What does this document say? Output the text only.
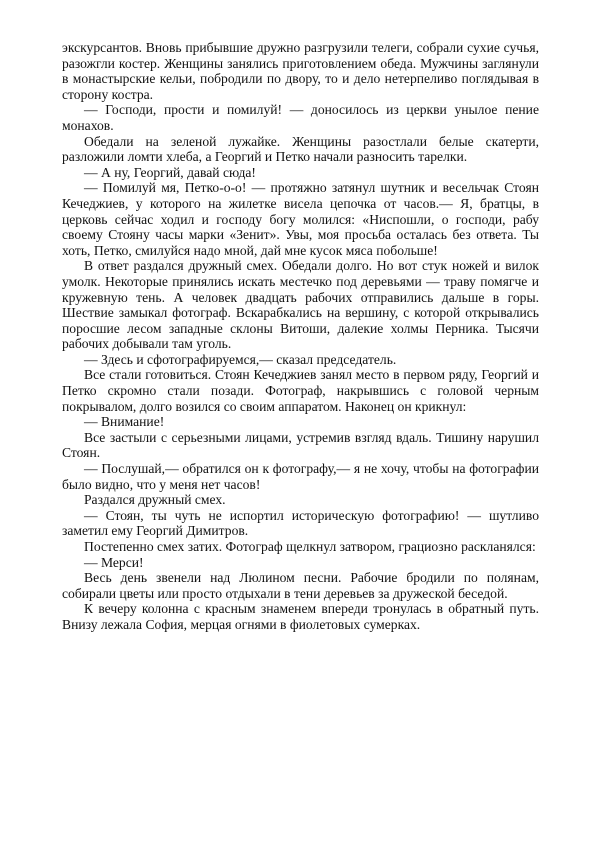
экскурсантов. Вновь прибывшие дружно разгрузили телеги, собрали сухие сучья, разожгли костер. Женщины занялись приготовлением обеда. Мужчины заглянули в монастырские кельи, побродили по двору, то и дело нетерпеливо поглядывая в сторону костра.

— Господи, прости и помилуй! — доносилось из церкви унылое пение монахов.

Обедали на зеленой лужайке. Женщины разостлали белые скатерти, разложили ломти хлеба, а Георгий и Петко начали разносить тарелки.

— А ну, Георгий, давай сюда!

— Помилуй мя, Петко-о-о! — протяжно затянул шутник и весельчак Стоян Кечеджиев, у которого на жилетке висела цепочка от часов.— Я, братцы, в церковь сейчас ходил и господу богу молился: «Ниспошли, о господи, рабу своему Стояну часы марки «Зенит». Увы, моя просьба осталась без ответа. Ты хоть, Петко, смилуйся надо мной, дай мне кусок мяса побольше!

В ответ раздался дружный смех. Обедали долго. Но вот стук ножей и вилок умолк. Некоторые принялись искать местечко под деревьями — траву помягче и кружевную тень. А человек двадцать рабочих отправились дальше в горы. Шествие замыкал фотограф. Вскарабкались на вершину, с которой открывались поросшие лесом западные склоны Витоши, далекие холмы Перника. Тысячи рабочих добывали там уголь.

— Здесь и сфотографируемся,— сказал председатель.

Все стали готовиться. Стоян Кечеджиев занял место в первом ряду, Георгий и Петко скромно стали позади. Фотограф, накрывшись с головой черным покрывалом, долго возился со своим аппаратом. Наконец он крикнул:

— Внимание!

Все застыли с серьезными лицами, устремив взгляд вдаль. Тишину нарушил Стоян.

— Послушай,— обратился он к фотографу,— я не хочу, чтобы на фотографии было видно, что у меня нет часов!

Раздался дружный смех.

— Стоян, ты чуть не испортил историческую фотографию! — шутливо заметил ему Георгий Димитров.

Постепенно смех затих. Фотограф щелкнул затвором, грациозно раскланялся:

— Мерси!

Весь день звенели над Люлином песни. Рабочие бродили по полянам, собирали цветы или просто отдыхали в тени деревьев за дружеской беседой.

К вечеру колонна с красным знаменем впереди тронулась в обратный путь. Внизу лежала София, мерцая огнями в фиолетовых сумерках.
